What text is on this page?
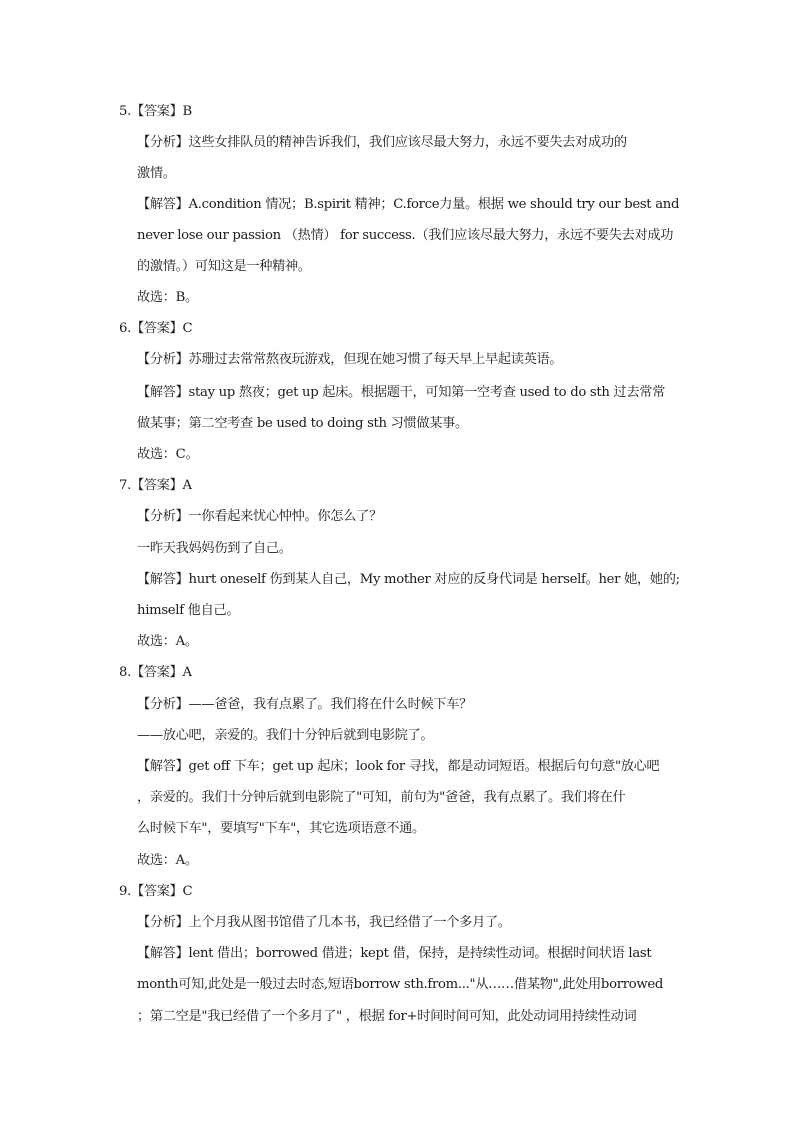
5.【答案】B
【分析】这些女排队员的精神告诉我们，我们应该尽最大努力，永远不要失去对成功的
激情。
【解答】A.condition 情况；B.spirit 精神；C.force力量。根据 we should try our best and
never lose our passion （热情） for success.（我们应该尽最大努力，永远不要失去对成功
的激情。）可知这是一种精神。
故选：B。
6.【答案】C
【分析】苏珊过去常常熬夜玩游戏，但现在她习惯了每天早上早起读英语。
【解答】stay up 熬夜；get up 起床。根据题干，可知第一空考查 used to do sth 过去常常
做某事；第二空考查 be used to doing sth 习惯做某事。
故选：C。
7.【答案】A
【分析】一你看起来忧心忡忡。你怎么了？
一昨天我妈妈伤到了自己。
【解答】hurt oneself 伤到某人自己，My mother 对应的反身代词是 herself。her 她，她的;
himself 他自己。
故选：A。
8.【答案】A
【分析】——爸爸，我有点累了。我们将在什么时候下车？
——放心吧，亲爱的。我们十分钟后就到电影院了。
【解答】get off 下车；get up 起床；look for 寻找，都是动词短语。根据后句句意"放心吧
，亲爱的。我们十分钟后就到电影院了"可知，前句为"爸爸，我有点累了。我们将在什
么时候下车"，要填写"下车"，其它选项语意不通。
故选：A。
9.【答案】C
【分析】上个月我从图书馆借了几本书，我已经借了一个多月了。
【解答】lent 借出；borrowed 借进；kept 借，保持，是持续性动词。根据时间状语 last
month可知,此处是一般过去时态,短语borrow sth.from..."从……借某物",此处用borrowed
；第二空是"我已经借了一个多月了" ，根据 for+时间时间可知，此处动词用持续性动词
